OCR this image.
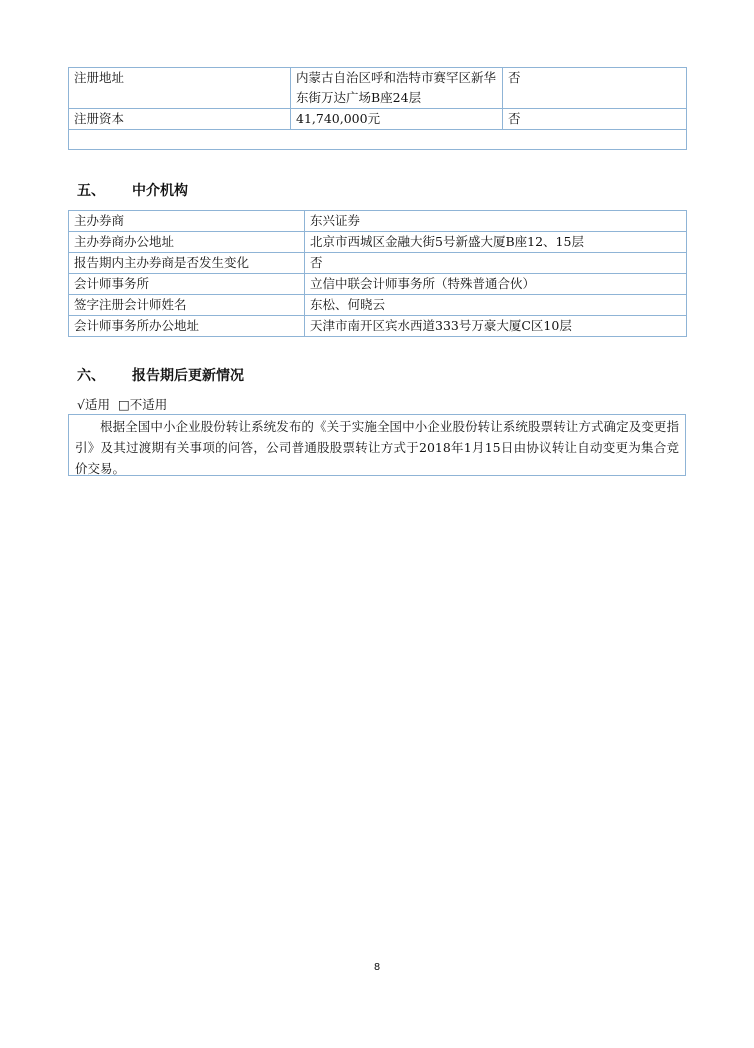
注册地址	内蒙古自治区呼和浩特市赛罕区新华东街万达广场B座24层	否
注册资本	41,740,000元	否

五、 中介机构
主办券商	东兴证券
主办券商办公地址	北京市西城区金融大街5号新盛大厦B座12、15层
报告期内主办券商是否发生变化	否
会计师事务所	立信中联会计师事务所（特殊普通合伙）
签字注册会计师姓名	东松、何晓云
会计师事务所办公地址	天津市南开区宾水西道333号万豪大厦C区10层
六、 报告期后更新情况
√适用 □不适用
根据全国中小企业股份转让系统发布的《关于实施全国中小企业股份转让系统股票转让方式确定及变更指引》及其过渡期有关事项的问答，公司普通股股票转让方式于2018年1月15日由协议转让自动变更为集合竞价交易。
8
